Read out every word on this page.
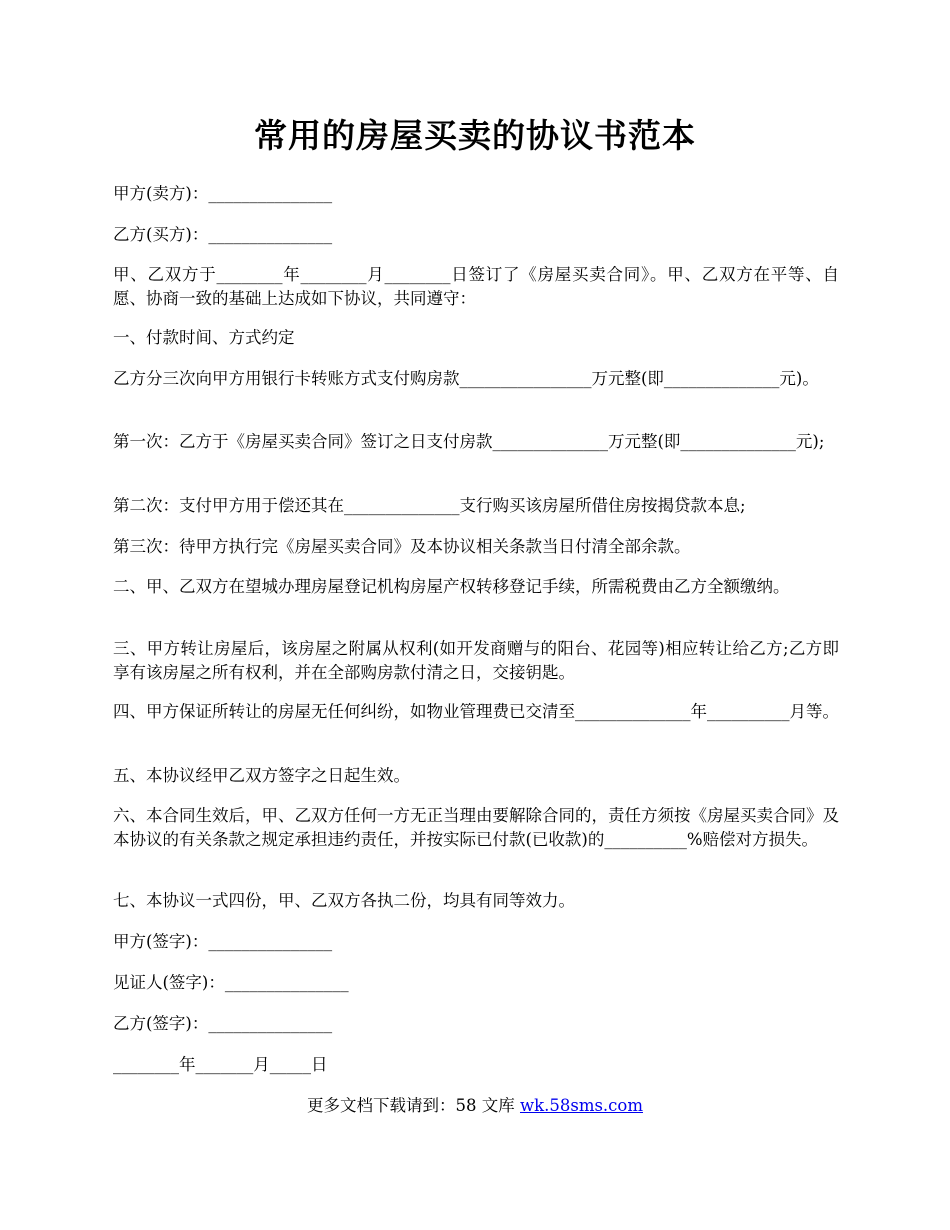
常用的房屋买卖的协议书范本
甲方(卖方)：_______________
乙方(买方)：_______________
甲、乙双方于________年________月________日签订了《房屋买卖合同》。甲、乙双方在平等、自愿、协商一致的基础上达成如下协议，共同遵守：
一、付款时间、方式约定
乙方分三次向甲方用银行卡转账方式支付购房款________________万元整(即______________元)。
第一次：乙方于《房屋买卖合同》签订之日支付房款______________万元整(即______________元);
第二次：支付甲方用于偿还其在______________支行购买该房屋所借住房按揭贷款本息;
第三次：待甲方执行完《房屋买卖合同》及本协议相关条款当日付清全部余款。
二、甲、乙双方在望城办理房屋登记机构房屋产权转移登记手续，所需税费由乙方全额缴纳。
三、甲方转让房屋后，该房屋之附属从权利(如开发商赠与的阳台、花园等)相应转让给乙方;乙方即享有该房屋之所有权利，并在全部购房款付清之日，交接钥匙。
四、甲方保证所转让的房屋无任何纠纷，如物业管理费已交清至______________年__________月等。
五、本协议经甲乙双方签字之日起生效。
六、本合同生效后，甲、乙双方任何一方无正当理由要解除合同的，责任方须按《房屋买卖合同》及本协议的有关条款之规定承担违约责任，并按实际已付款(已收款)的__________%赔偿对方损失。
七、本协议一式四份，甲、乙双方各执二份，均具有同等效力。
甲方(签字)：_______________
见证人(签字)：_______________
乙方(签字)：_______________
________年_______月_____日
更多文档下载请到：58 文库 wk.58sms.com
